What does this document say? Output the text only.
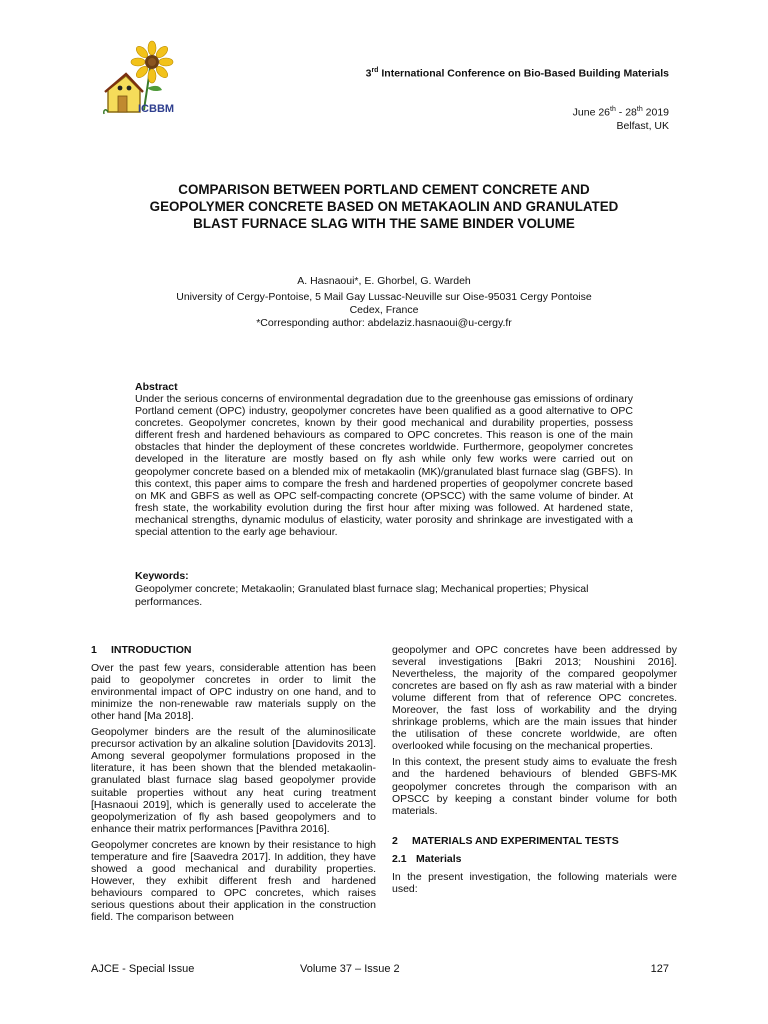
ICBBM
3rd International Conference on Bio-Based Building Materials
June 26th - 28th 2019
Belfast, UK
COMPARISON BETWEEN PORTLAND CEMENT CONCRETE AND GEOPOLYMER CONCRETE BASED ON METAKAOLIN AND GRANULATED BLAST FURNACE SLAG WITH THE SAME BINDER VOLUME
A. Hasnaoui*, E. Ghorbel, G. Wardeh
University of Cergy-Pontoise, 5 Mail Gay Lussac-Neuville sur Oise-95031 Cergy Pontoise
Cedex, France
*Corresponding author: abdelaziz.hasnaoui@u-cergy.fr
Abstract
Under the serious concerns of environmental degradation due to the greenhouse gas emissions of ordinary Portland cement (OPC) industry, geopolymer concretes have been qualified as a good alternative to OPC concretes. Geopolymer concretes, known by their good mechanical and durability properties, possess different fresh and hardened behaviours as compared to OPC concretes. This reason is one of the main obstacles that hinder the deployment of these concretes worldwide. Furthermore, geopolymer concretes developed in the literature are mostly based on fly ash while only few works were carried out on geopolymer concrete based on a blended mix of metakaolin (MK)/granulated blast furnace slag (GBFS). In this context, this paper aims to compare the fresh and hardened properties of geopolymer concrete based on MK and GBFS as well as OPC self-compacting concrete (OPSCC) with the same volume of binder. At fresh state, the workability evolution during the first hour after mixing was followed. At hardened state, mechanical strengths, dynamic modulus of elasticity, water porosity and shrinkage are investigated with a special attention to the early age behaviour.
Keywords:
Geopolymer concrete; Metakaolin; Granulated blast furnace slag; Mechanical properties; Physical performances.
1 INTRODUCTION

Over the past few years, considerable attention has been paid to geopolymer concretes in order to limit the environmental impact of OPC industry on one hand, and to minimize the non-renewable raw materials supply on the other hand [Ma 2018].

Geopolymer binders are the result of the aluminosilicate precursor activation by an alkaline solution [Davidovits 2013]. Among several geopolymer formulations proposed in the literature, it has been shown that the blended metakaolin-granulated blast furnace slag based geopolymer provide suitable properties without any heat curing treatment [Hasnaoui 2019], which is generally used to accelerate the geopolymerization of fly ash based geopolymers and to enhance their matrix performances [Pavithra 2016].

Geopolymer concretes are known by their resistance to high temperature and fire [Saavedra 2017]. In addition, they have showed a good mechanical and durability properties. However, they exhibit different fresh and hardened behaviours compared to OPC concretes, which raises serious questions about their application in the construction field. The comparison between

geopolymer and OPC concretes have been addressed by several investigations [Bakri 2013; Noushini 2016]. Nevertheless, the majority of the compared geopolymer concretes are based on fly ash as raw material with a binder volume different from that of reference OPC concretes. Moreover, the fast loss of workability and the drying shrinkage problems, which are the main issues that hinder the utilisation of these concrete worldwide, are often overlooked while focusing on the mechanical properties.

In this context, the present study aims to evaluate the fresh and the hardened behaviours of blended GBFS-MK geopolymer concretes through the comparison with an OPSCC by keeping a constant binder volume for both materials.

2 MATERIALS AND EXPERIMENTAL TESTS
2.1 Materials

In the present investigation, the following materials were used:

AJCE - Special Issue	Volume 37 – Issue 2	127
